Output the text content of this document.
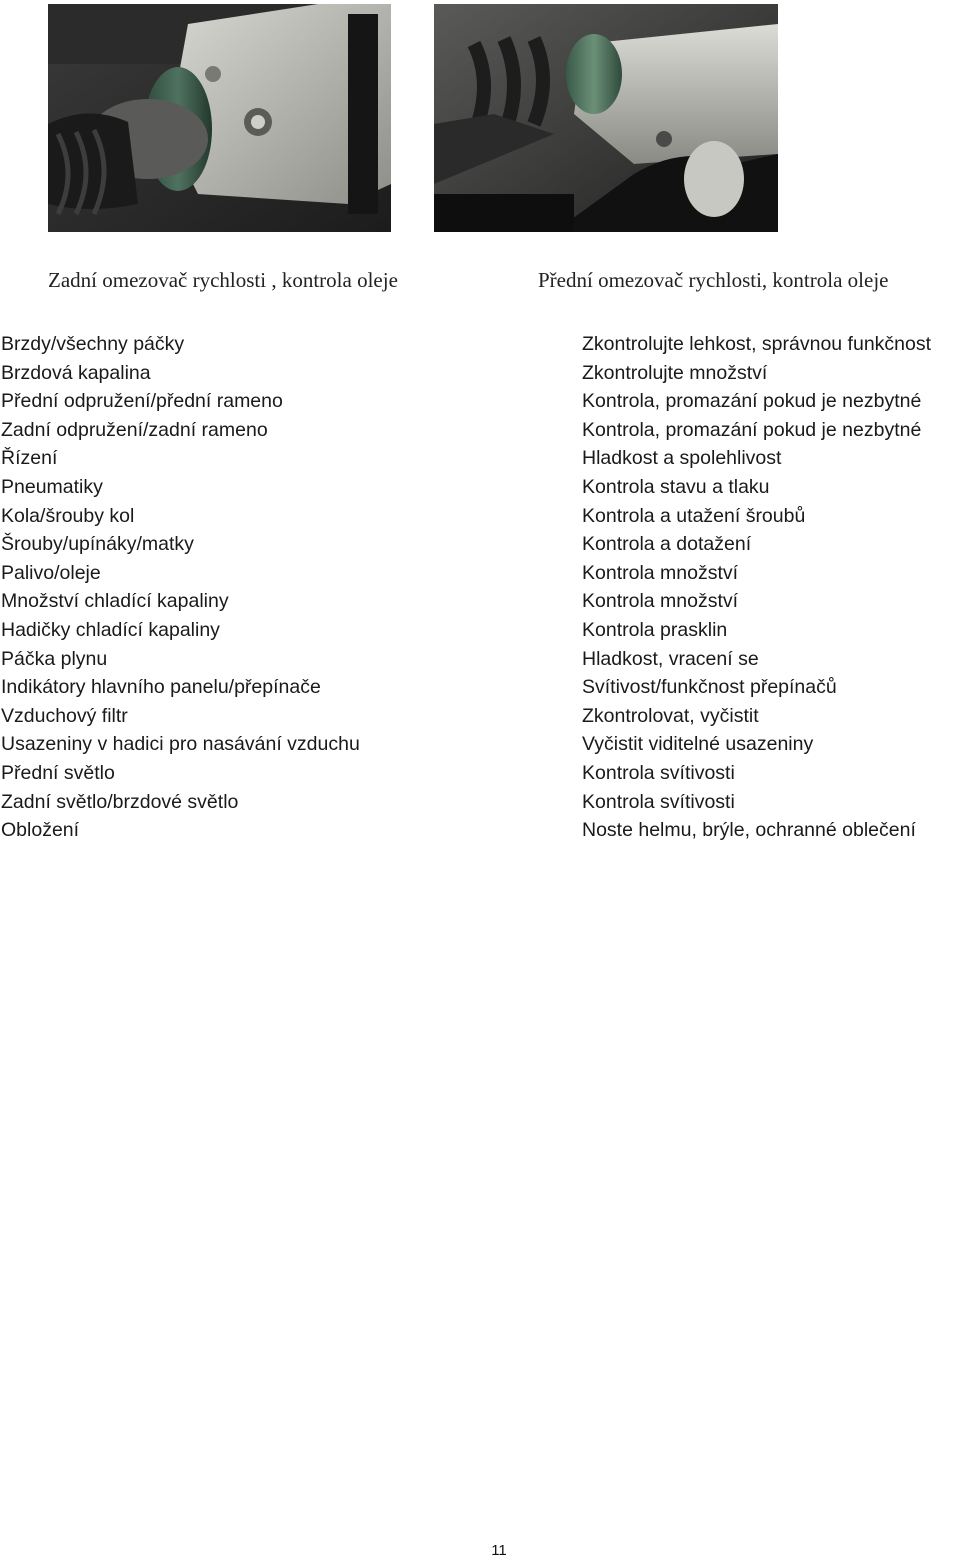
Zadní omezovač rychlosti , kontrola oleje	Přední omezovač rychlosti, kontrola oleje
Brzdy/všechny páčky
Brzdová kapalina
Přední odpružení/přední rameno
Zadní odpružení/zadní rameno
Řízení
Pneumatiky
Kola/šrouby kol
Šrouby/upínáky/matky
Palivo/oleje
Množství chladící kapaliny
Hadičky chladící kapaliny
Páčka plynu
Indikátory hlavního panelu/přepínače
Vzduchový filtr
Usazeniny v hadici pro nasávání vzduchu
Přední světlo
Zadní světlo/brzdové světlo
Obložení
Zkontrolujte lehkost, správnou funkčnost
Zkontrolujte množství
Kontrola, promazání pokud je nezbytné
Kontrola, promazání pokud je nezbytné
Hladkost a spolehlivost
Kontrola stavu a tlaku
Kontrola a utažení šroubů
Kontrola a dotažení
Kontrola množství
Kontrola množství
Kontrola prasklin
Hladkost, vracení se
Svítivost/funkčnost přepínačů
Zkontrolovat, vyčistit
Vyčistit viditelné usazeniny
Kontrola svítivosti
Kontrola svítivosti
Noste helmu, brýle, ochranné oblečení
11
